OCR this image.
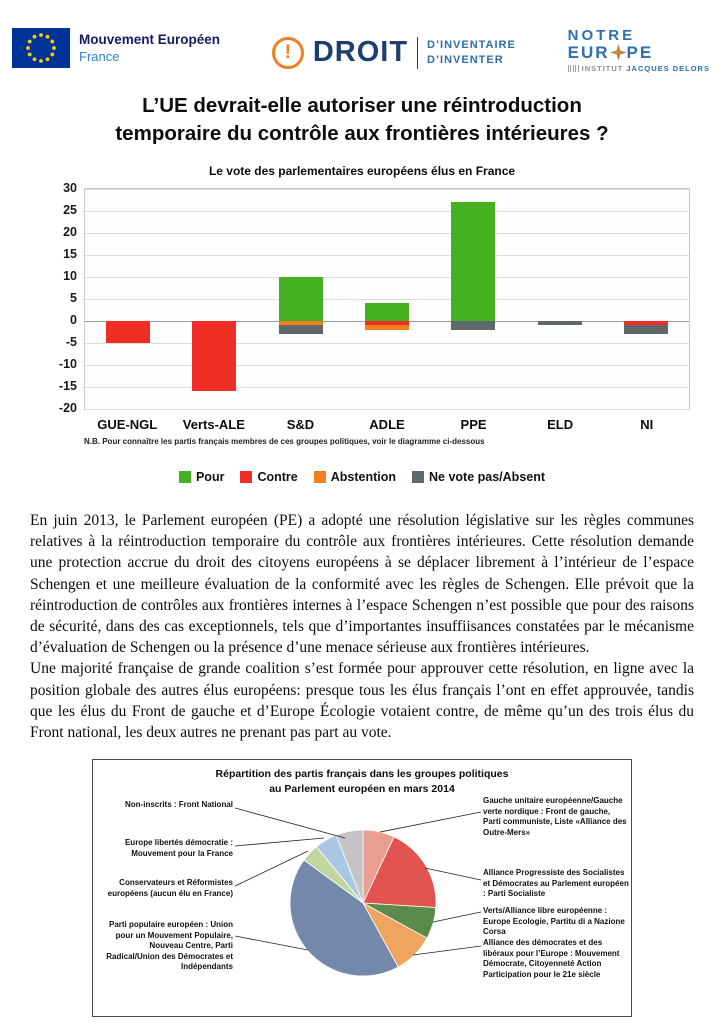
Mouvement Européen
France	! DROIT D’INVENTAIRE
D’INVENTER
NOTRE
EUR PE
INSTITUT JACQUES DELORS
L’UE devrait-elle autoriser une réintroduction
temporaire du contrôle aux frontières intérieures ?
Le vote des parlementaires européens élus en France
30
25
20
15
10
5
0
-5
-10
-15
-20
GUE-NGL	Verts-ALE	S&D	ADLE	PPE	ELD	NI
N.B. Pour connaître les partis français membres de ces groupes politiques, voir le diagramme ci-dessous
Pour	Contre	Abstention	Ne vote pas/Absent

En juin 2013, le Parlement européen (PE) a adopté une résolution législative sur les règles communes relatives à la réintroduction temporaire du contrôle aux frontières intérieures. Cette résolution demande une protection accrue du droit des citoyens européens à se déplacer librement à l’intérieur de l’espace Schengen et une meilleure évaluation de la conformité avec les règles de Schengen. Elle prévoit que la réintroduction de contrôles aux frontières internes à l’espace Schengen n’est possible que pour des raisons de sécurité, dans des cas exceptionnels, tels que d’importantes insuffiisances constatées par le mécanisme d’évaluation de Schengen ou la présence d’une menace sérieuse aux frontières intérieures.

Une majorité française de grande coalition s’est formée pour approuver cette résolution, en ligne avec la position globale des autres élus européens: presque tous les élus français l’ont en effet approuvée, tandis que les élus du Front de gauche et d’Europe Écologie votaient contre, de même qu’un des trois élus du Front national, les deux autres ne prenant pas part au vote.

Répartition des partis français dans les groupes politiques
au Parlement européen en mars 2014
Non-inscrits : Front National
Europe libertés démocratie : Mouvement pour la France
Conservateurs et Réformistes européens (aucun élu en France)
Parti populaire européen : Union pour un Mouvement Populaire, Nouveau Centre, Parti Radical/Union des Démocrates et Indépendants
Gauche unitaire européenne/Gauche verte nordique : Front de gauche, Parti communiste, Liste «Alliance des Outre-Mers»
Alliance Progressiste des Socialistes et Démocrates au Parlement européen : Parti Socialiste
Verts/Alliance libre européenne : Europe Ecologie, Partitu di a Nazione Corsa
Alliance des démocrates et des libéraux pour l’Europe : Mouvement Démocrate, Citoyenneté Action Participation pour le 21e siècle
